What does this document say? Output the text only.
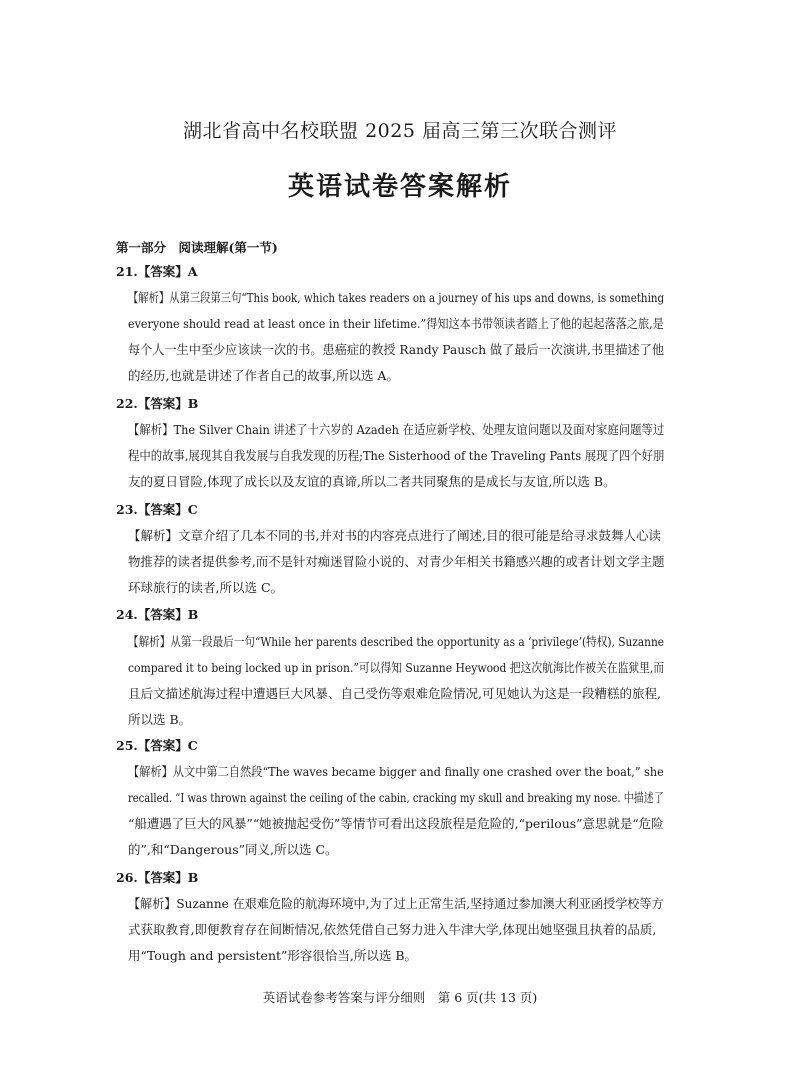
湖北省高中名校联盟 2025 届高三第三次联合测评
英语试卷答案解析
第一部分　阅读理解(第一节)
21.【答案】A
【解析】从第三段第三句“This book, which takes readers on a journey of his ups and downs, is something
everyone should read at least once in their lifetime.”得知这本书带领读者踏上了他的起起落落之旅,是
每个人一生中至少应该读一次的书。患癌症的教授 Randy Pausch 做了最后一次演讲,书里描述了他
的经历,也就是讲述了作者自己的故事,所以选 A。
22.【答案】B
【解析】The Silver Chain 讲述了十六岁的 Azadeh 在适应新学校、处理友谊问题以及面对家庭问题等过
程中的故事,展现其自我发展与自我发现的历程;The Sisterhood of the Traveling Pants 展现了四个好朋
友的夏日冒险,体现了成长以及友谊的真谛,所以二者共同聚焦的是成长与友谊,所以选 B。
23.【答案】C
【解析】文章介绍了几本不同的书,并对书的内容亮点进行了阐述,目的很可能是给寻求鼓舞人心读
物推荐的读者提供参考,而不是针对痴迷冒险小说的、对青少年相关书籍感兴趣的或者计划文学主题
环球旅行的读者,所以选 C。
24.【答案】B
【解析】从第一段最后一句“While her parents described the opportunity as a ‘privilege’(特权), Suzanne
compared it to being locked up in prison.”可以得知 Suzanne Heywood 把这次航海比作被关在监狱里,而
且后文描述航海过程中遭遇巨大风暴、自己受伤等艰难危险情况,可见她认为这是一段糟糕的旅程,
所以选 B。
25.【答案】C
【解析】从文中第二自然段“The waves became bigger and finally one crashed over the boat,” she
recalled. “I was thrown against the ceiling of the cabin, cracking my skull and breaking my nose. 中描述了
“船遭遇了巨大的风暴”“她被抛起受伤”等情节可看出这段旅程是危险的,“perilous”意思就是“危险
的”,和“Dangerous”同义,所以选 C。
26.【答案】B
【解析】Suzanne 在艰难危险的航海环境中,为了过上正常生活,坚持通过参加澳大利亚函授学校等方
式获取教育,即便教育存在间断情况,依然凭借自己努力进入牛津大学,体现出她坚强且执着的品质,
用“Tough and persistent”形容很恰当,所以选 B。
英语试卷参考答案与评分细则　第 6 页(共 13 页)
